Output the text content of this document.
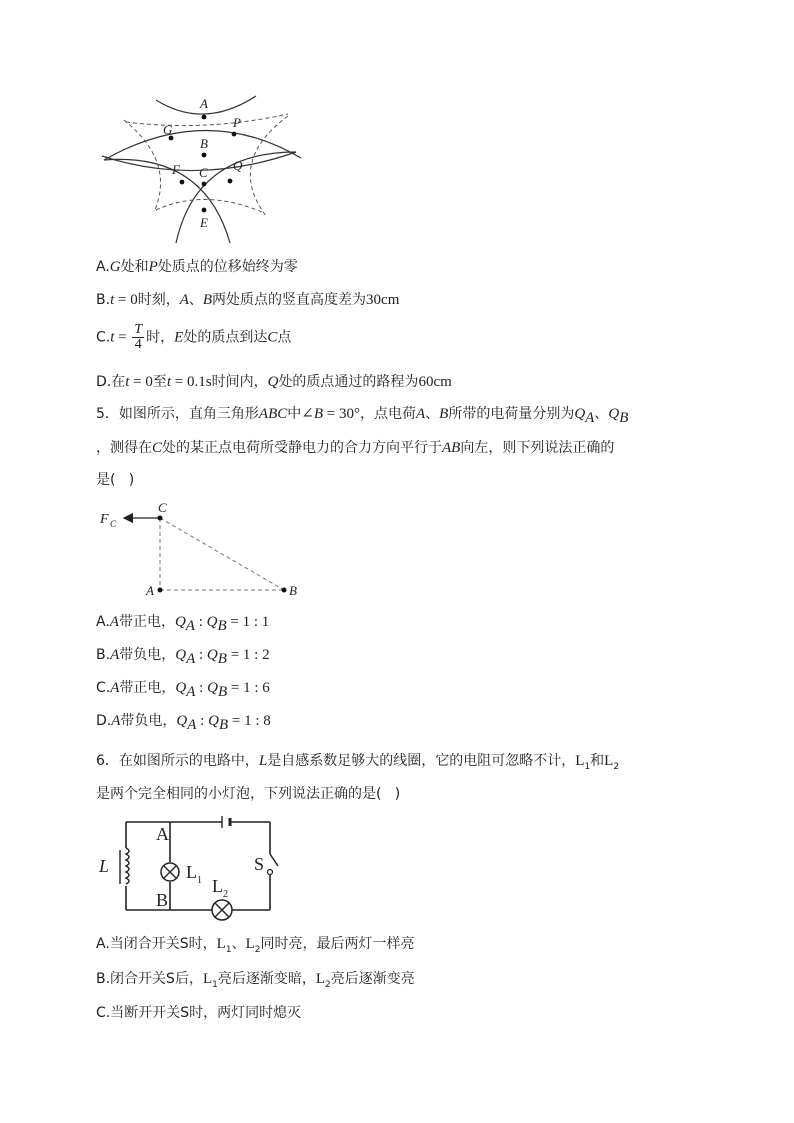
A
G	P
B
F C Q
E
A.G处和P处质点的位移始终为零
B.t = 0时刻，A、B两处质点的竖直高度差为30cm
$C.t = \frac{T}{4}$ 时，E处的质点到达C点
D.在t = 0至t = 0.1s时间内，Q处的质点通过的路程为60cm
5．如图所示，直角三角形ABC中∠B = 30°，点电荷A、B所带的电荷量分别为$Q_A$、$Q_B$
，测得在C处的某正点电荷所受静电力的合力方向平行于AB向左，则下列说法正确的
是(   )
F C
C
A	B
A.A带正电，$Q_A$ : $Q_B = 1$ : 1
B.A带负电，$Q_A$ : $Q_B = 1$ : 2
C.A带正电，$Q_A$ : $Q_B = 1$ : 6
D.A带负电，$Q_A$ : $Q_B = 1$ : 8
6．在如图所示的电路中，L是自感系数足够大的线圈，它的电阻可忽略不计，$L_1$和$L_2$
是两个完全相同的小灯泡，下列说法正确的是(   )
L
A
B
L 1 L 2
S
A.当闭合开关S时，$L_1$、$L_2$同时亮，最后两灯一样亮
B.闭合开关S后，$L_1$亮后逐渐变暗，$L_2$亮后逐渐变亮
C.当断开开关S时，两灯同时熄灭
